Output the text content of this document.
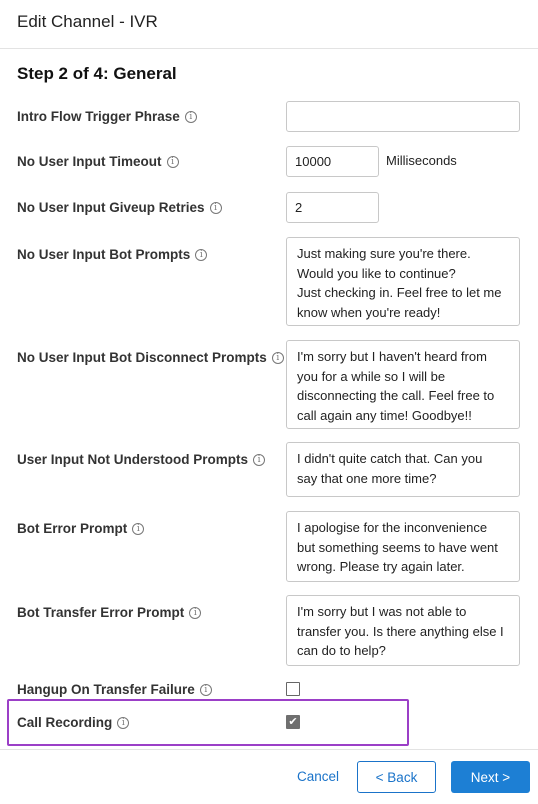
Edit Channel - IVR
Step 2 of 4: General
Intro Flow Trigger Phrase	i
No User Input Timeout	i	10000	Milliseconds
No User Input Giveup Retries	i	2
No User Input Bot Prompts	i	Just making sure you're there.
Would you like to continue?
Just checking in. Feel free to let me
know when you're ready!
No User Input Bot Disconnect Prompts	i	I'm sorry but I haven't heard from
you for a while so I will be
disconnecting the call. Feel free to
call again any time! Goodbye!!
User Input Not Understood Prompts	i	I didn't quite catch that. Can you
say that one more time?
Bot Error Prompt	i	I apologise for the inconvenience
but something seems to have went
wrong. Please try again later.
Bot Transfer Error Prompt	i	I'm sorry but I was not able to
transfer you. Is there anything else I
can do to help?
Hangup On Transfer Failure	i
Call Recording	i	✔
Cancel	< Back	Next >
